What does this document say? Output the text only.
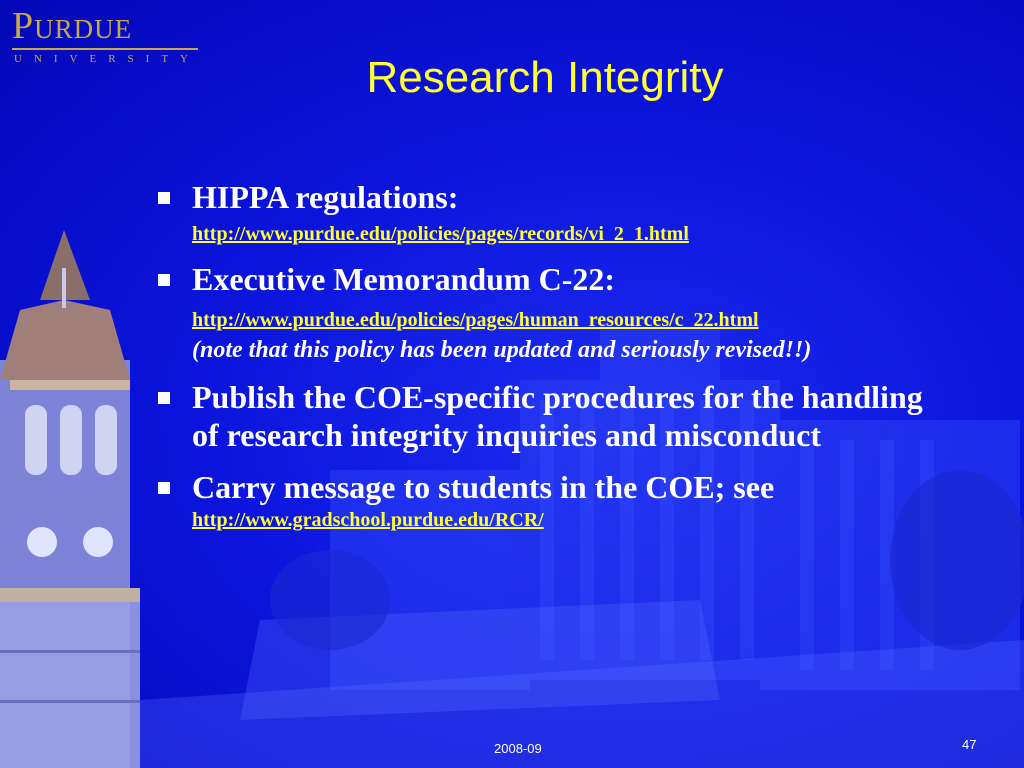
Purdue
UNIVERSITY	Research Integrity
HIPPA regulations:
http://www.purdue.edu/policies/pages/records/vi_2_1.html
Executive Memorandum C-22:
http://www.purdue.edu/policies/pages/human_resources/c_22.html
(note that this policy has been updated and seriously revised!!)
Publish the COE-specific procedures for the handling of research integrity inquiries and misconduct
Carry message to students in the COE; see
http://www.gradschool.purdue.edu/RCR/
2008-09	47
